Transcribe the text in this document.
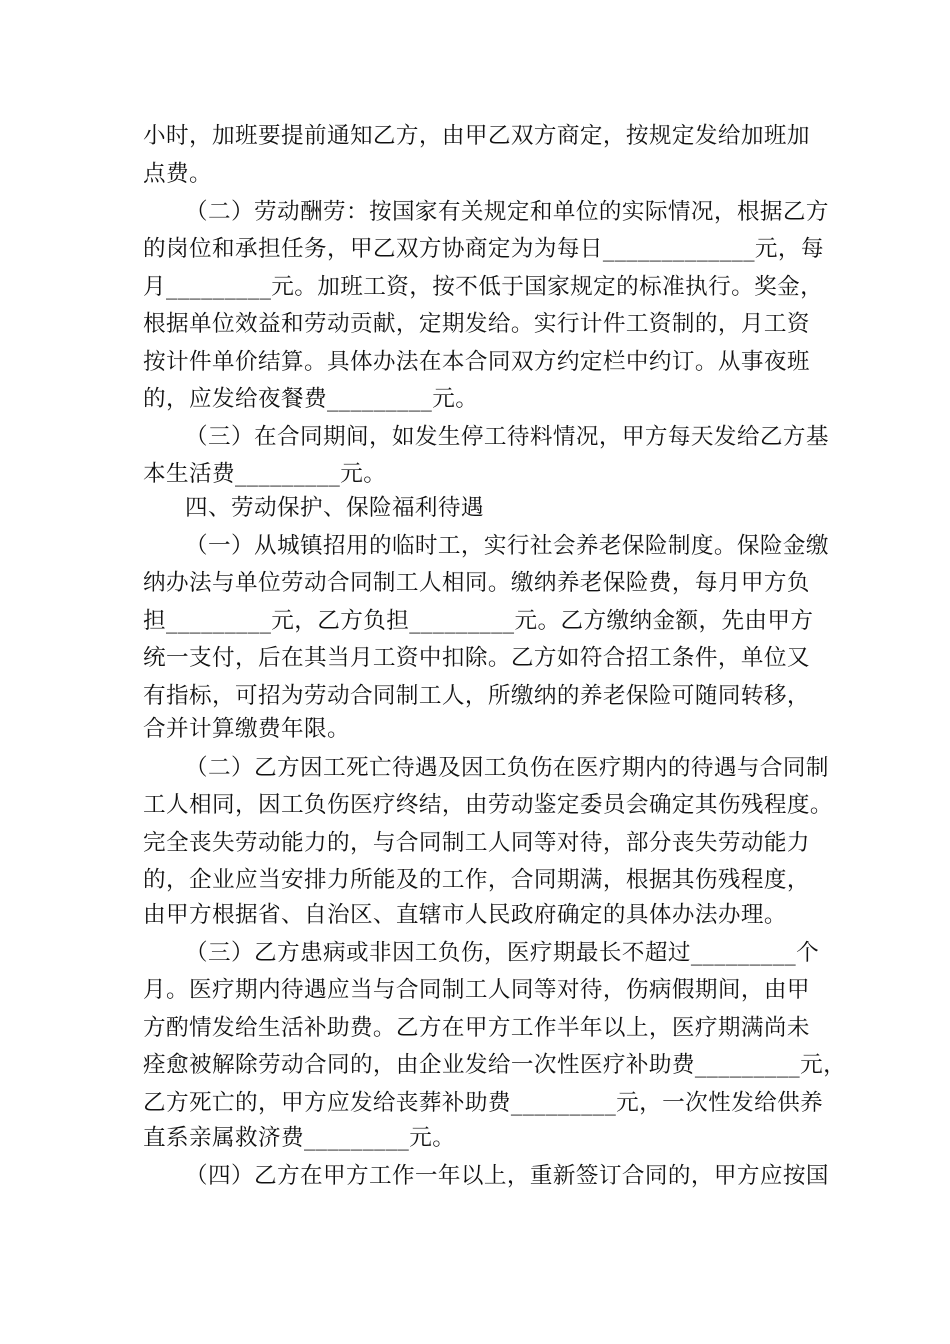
小时，加班要提前通知乙方，由甲乙双方商定，按规定发给加班加
点费。
（二）劳动酬劳：按国家有关规定和单位的实际情况，根据乙方
的岗位和承担任务，甲乙双方协商定为为每日_____________元，每
月_________元。加班工资，按不低于国家规定的标准执行。奖金，
根据单位效益和劳动贡献，定期发给。实行计件工资制的，月工资
按计件单价结算。具体办法在本合同双方约定栏中约订。从事夜班
的，应发给夜餐费_________元。
（三）在合同期间，如发生停工待料情况，甲方每天发给乙方基
本生活费_________元。
四、劳动保护、保险福利待遇
（一）从城镇招用的临时工，实行社会养老保险制度。保险金缴
纳办法与单位劳动合同制工人相同。缴纳养老保险费，每月甲方负
担_________元，乙方负担_________元。乙方缴纳金额，先由甲方
统一支付，后在其当月工资中扣除。乙方如符合招工条件，单位又
有指标，可招为劳动合同制工人，所缴纳的养老保险可随同转移，
合并计算缴费年限。
（二）乙方因工死亡待遇及因工负伤在医疗期内的待遇与合同制
工人相同，因工负伤医疗终结，由劳动鉴定委员会确定其伤残程度。
完全丧失劳动能力的，与合同制工人同等对待，部分丧失劳动能力
的，企业应当安排力所能及的工作，合同期满，根据其伤残程度，
由甲方根据省、自治区、直辖市人民政府确定的具体办法办理。
（三）乙方患病或非因工负伤，医疗期最长不超过_________个
月。医疗期内待遇应当与合同制工人同等对待，伤病假期间，由甲
方酌情发给生活补助费。乙方在甲方工作半年以上，医疗期满尚未
痊愈被解除劳动合同的，由企业发给一次性医疗补助费_________元，
乙方死亡的，甲方应发给丧葬补助费_________元，一次性发给供养
直系亲属救济费_________元。
（四）乙方在甲方工作一年以上，重新签订合同的，甲方应按国
